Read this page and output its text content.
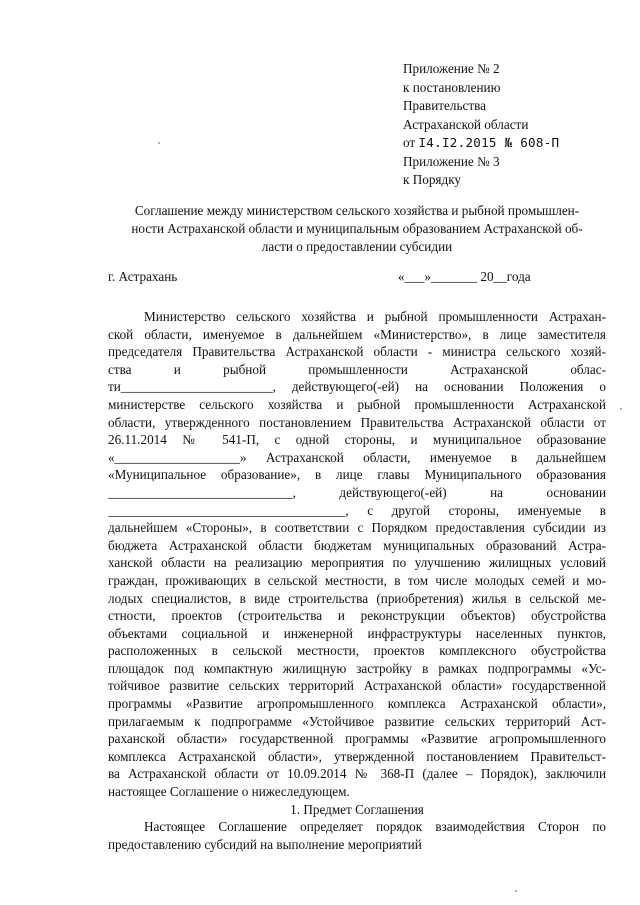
Приложение № 2
к постановлению
Правительства
Астраханской области
от I4.I2.2015 № 608-П
Приложение № 3
к Порядку
Соглашение между министерством сельского хозяйства и рыбной промышлен-
ности Астраханской области и муниципальным образованием Астраханской об-
ласти о предоставлении субсидии
г. Астрахань	«___»_______ 20__года
Министерство сельского хозяйства и рыбной промышленности Астрахан-
ской области, именуемое в дальнейшем «Министерство», в лице заместителя
председателя Правительства Астраханской области - министра сельского хозяй-
ства и рыбной промышленности Астраханской облас-
ти_______________________, действующего(-ей) на основании Положения о
министерстве сельского хозяйства и рыбной промышленности Астраханской
области, утвержденного постановлением Правительства Астраханской области от
26.11.2014 № 541-П, с одной стороны, и муниципальное образование
«___________________» Астраханской области, именуемое в дальнейшем
«Муниципальное образование», в лице главы Муниципального образования
____________________________, действующего(-ей) на основании
____________________________________, с другой стороны, именуемые в
дальнейшем «Стороны», в соответствии с Порядком предоставления субсидии из
бюджета Астраханской области бюджетам муниципальных образований Астра-
ханской области на реализацию мероприятия по улучшению жилищных условий
граждан, проживающих в сельской местности, в том числе молодых семей и мо-
лодых специалистов, в виде строительства (приобретения) жилья в сельской ме-
стности, проектов (строительства и реконструкции объектов) обустройства
объектами социальной и инженерной инфраструктуры населенных пунктов,
расположенных в сельской местности, проектов комплексного обустройства
площадок под компактную жилищную застройку в рамках подпрограммы «Ус-
тойчивое развитие сельских территорий Астраханской области» государственной
программы «Развитие агропромышленного комплекса Астраханской области»,
прилагаемым к подпрограмме «Устойчивое развитие сельских территорий Аст-
раханской области» государственной программы «Развитие агропромышленного
комплекса Астраханской области», утвержденной постановлением Правительст-
ва Астраханской области от 10.09.2014 № 368-П (далее – Порядок), заключили
настоящее Соглашение о нижеследующем.
1. Предмет Соглашения
Настоящее Соглашение определяет порядок взаимодействия Сторон по
предоставлению субсидий на выполнение мероприятий
